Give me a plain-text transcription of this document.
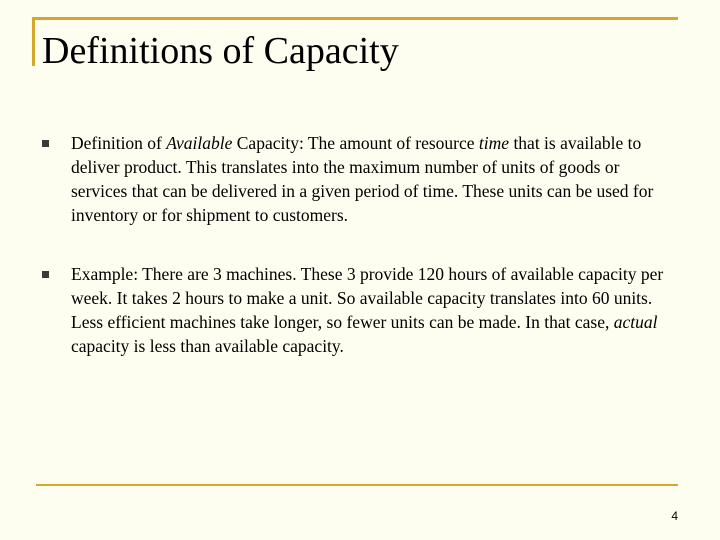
Definitions of Capacity
Definition of Available Capacity: The amount of resource time that is available to deliver product. This translates into the maximum number of units of goods or services that can be delivered in a given period of time. These units can be used for inventory or for shipment to customers.
Example: There are 3 machines. These 3 provide 120 hours of available capacity per week. It takes 2 hours to make a unit. So available capacity translates into 60 units. Less efficient machines take longer, so fewer units can be made. In that case, actual capacity is less than available capacity.
4
